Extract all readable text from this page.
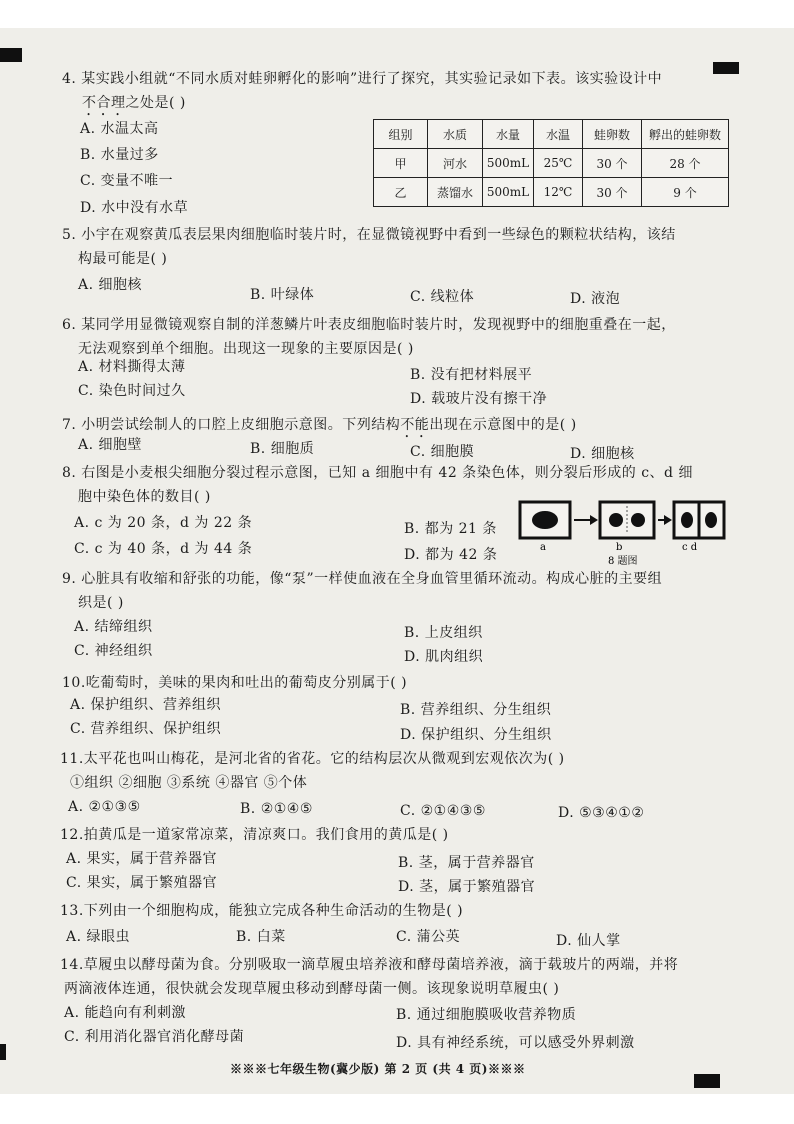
4. 某实践小组就“不同水质对蛙卵孵化的影响”进行了探究，其实验记录如下表。该实验设计中
不合理之处是( )
A. 水温太高
B. 水量过多
C. 变量不唯一
D. 水中没有水草
组别	水质	水量	水温	蛙卵数	孵出的蛙卵数
甲	河水	500mL	25℃	30 个	28 个
乙	蒸馏水	500mL	12℃	30 个	9 个
5. 小宇在观察黄瓜表层果肉细胞临时装片时，在显微镜视野中看到一些绿色的颗粒状结构，该结
构最可能是( )
A. 细胞核
B. 叶绿体	C. 线粒体	D. 液泡
6. 某同学用显微镜观察自制的洋葱鳞片叶表皮细胞临时装片时，发现视野中的细胞重叠在一起，
无法观察到单个细胞。出现这一现象的主要原因是( )
A. 材料撕得太薄	B. 没有把材料展平
C. 染色时间过久	D. 载玻片没有擦干净
7. 小明尝试绘制人的口腔上皮细胞示意图。下列结构不能出现在示意图中的是( )
A. 细胞壁	B. 细胞质	C. 细胞膜	D. 细胞核
8. 右图是小麦根尖细胞分裂过程示意图，已知 a 细胞中有 42 条染色体，则分裂后形成的 c、d 细
胞中染色体的数目( )
A. c 为 20 条，d 为 22 条	B. 都为 21 条
C. c 为 40 条，d 为 44 条	D. 都为 42 条	a	b	c d
8 题图
9. 心脏具有收缩和舒张的功能，像“泵”一样使血液在全身血管里循环流动。构成心脏的主要组
织是( )
A. 结缔组织	B. 上皮组织
C. 神经组织	D. 肌肉组织
10.吃葡萄时，美味的果肉和吐出的葡萄皮分别属于( )
A. 保护组织、营养组织	B. 营养组织、分生组织
C. 营养组织、保护组织	D. 保护组织、分生组织
11.太平花也叫山梅花，是河北省的省花。它的结构层次从微观到宏观依次为( )
①组织 ②细胞 ③系统 ④器官 ⑤个体
A. ②①③⑤	B. ②①④⑤	C. ②①④③⑤	D. ⑤③④①②
12.拍黄瓜是一道家常凉菜，清凉爽口。我们食用的黄瓜是( )
A. 果实，属于营养器官	B. 茎，属于营养器官
C. 果实，属于繁殖器官	D. 茎，属于繁殖器官
13.下列由一个细胞构成，能独立完成各种生命活动的生物是( )
A. 绿眼虫	B. 白菜	C. 蒲公英	D. 仙人掌
14.草履虫以酵母菌为食。分别吸取一滴草履虫培养液和酵母菌培养液，滴于载玻片的两端，并将
两滴液体连通，很快就会发现草履虫移动到酵母菌一侧。该现象说明草履虫( )
A. 能趋向有利刺激	B. 通过细胞膜吸收营养物质
C. 利用消化器官消化酵母菌	D. 具有神经系统，可以感受外界刺激
※※※七年级生物(冀少版) 第 2 页 (共 4 页)※※※
